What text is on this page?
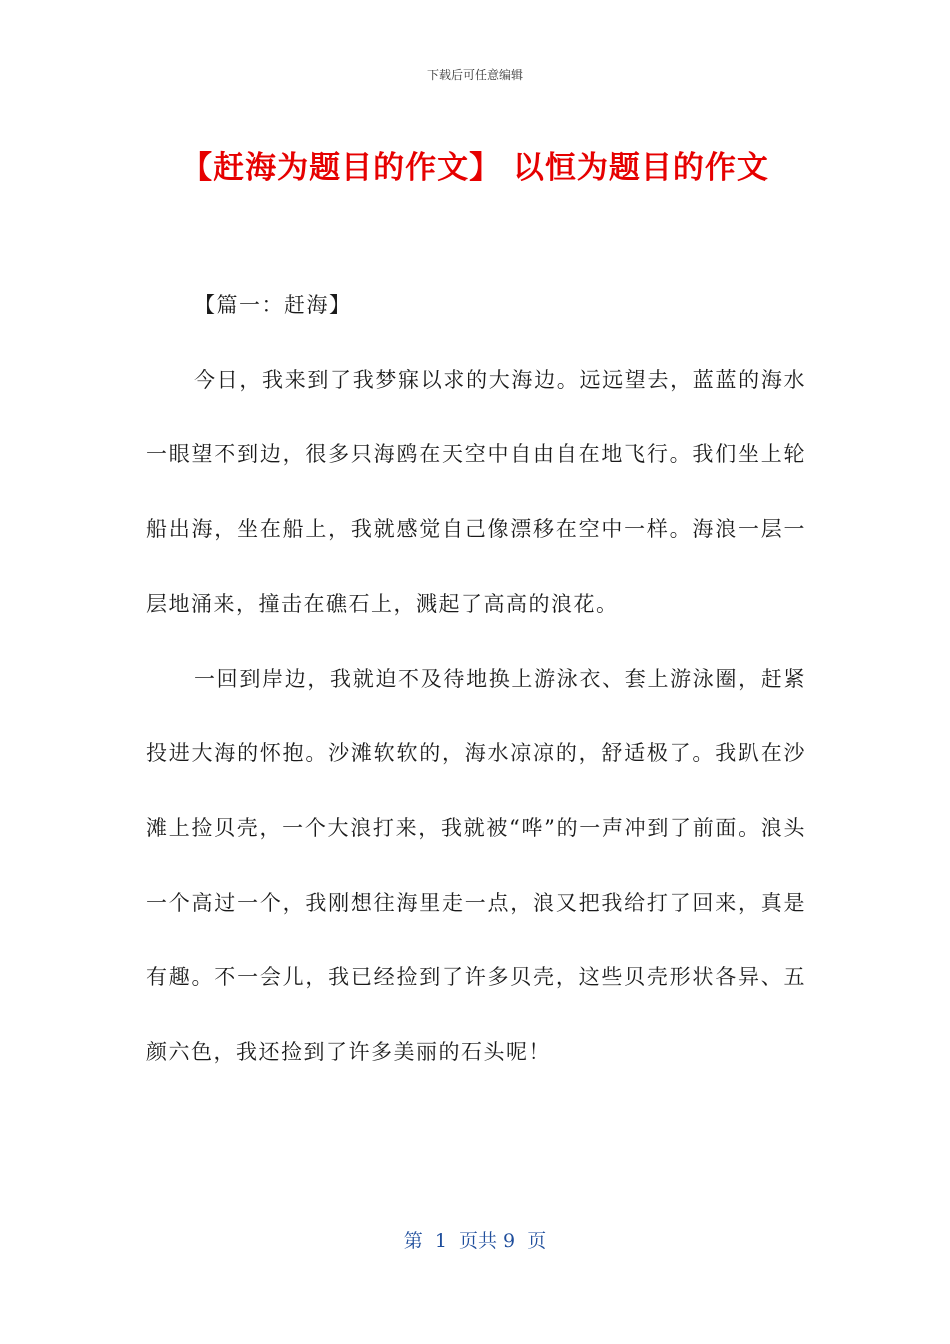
下载后可任意编辑
【赶海为题目的作文】 以恒为题目的作文

【篇一：赶海】

今日，我来到了我梦寐以求的大海边。远远望去，蓝蓝的海水一眼望不到边，很多只海鸥在天空中自由自在地飞行。我们坐上轮船出海，坐在船上，我就感觉自己像漂移在空中一样。海浪一层一层地涌来，撞击在礁石上，溅起了高高的浪花。

一回到岸边，我就迫不及待地换上游泳衣、套上游泳圈，赶紧投进大海的怀抱。沙滩软软的，海水凉凉的，舒适极了。我趴在沙滩上捡贝壳，一个大浪打来，我就被“哗”的一声冲到了前面。浪头一个高过一个，我刚想往海里走一点，浪又把我给打了回来，真是有趣。不一会儿，我已经捡到了许多贝壳，这些贝壳形状各异、五颜六色，我还捡到了许多美丽的石头呢！

第  1  页共 9  页
